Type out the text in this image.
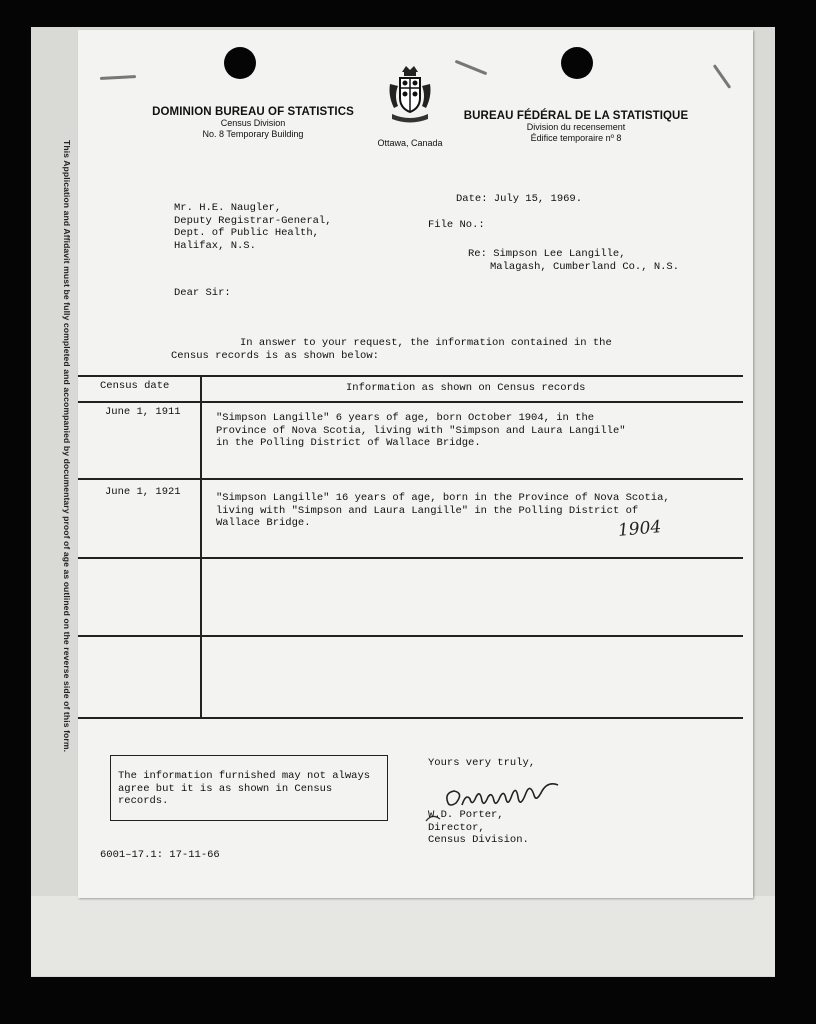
This Application and Affidavit must be fully completed and accompanied by documentary proof of age as outlined on the reverse side of this form.
DOMINION BUREAU OF STATISTICS
Census Division
No. 8 Temporary Building
Ottawa, Canada
BUREAU FÉDÉRAL DE LA STATISTIQUE
Division du recensement
Édifice temporaire nº 8
Mr. H.E. Naugler,
Deputy Registrar-General,
Dept. of Public Health,
Halifax, N.S.
Date: July 15, 1969.
File No.:
Re: Simpson Lee Langille,
Malagash, Cumberland Co., N.S.
Dear Sir:
In answer to your request, the information contained in the
Census records is as shown below:
Census date	Information as shown on Census records
June 1, 1911	"Simpson Langille" 6 years of age, born October 1904, in the
Province of Nova Scotia, living with "Simpson and Laura Langille"
in the Polling District of Wallace Bridge.
June 1, 1921	"Simpson Langille" 16 years of age, born in the Province of Nova Scotia,
living with "Simpson and Laura Langille" in the Polling District of
Wallace Bridge.	1904
The information furnished may not always
agree but it is as shown in Census
records.
Yours very truly,
W.D. Porter,
Director,
Census Division.
6001–17.1: 17-11-66
